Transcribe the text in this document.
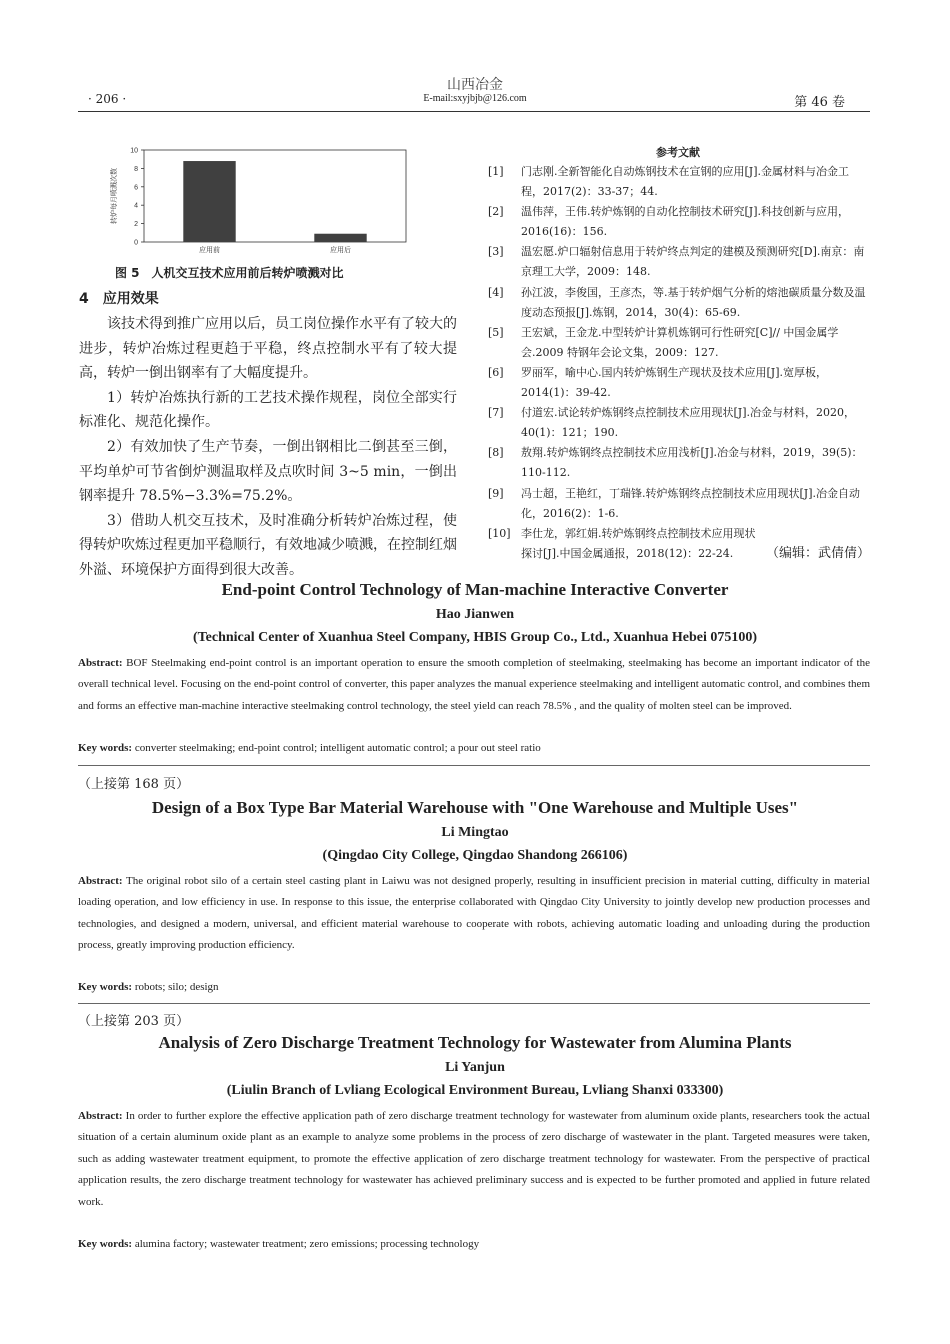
山西冶金
E-mail:sxyjbjb@126.com
· 206 ·	第 46 卷
0
2
4
6
8
10
应用前	应用后
转炉每月喷溅次数
图 5　人机交互技术应用前后转炉喷溅对比
4　应用效果

该技术得到推广应用以后，员工岗位操作水平有了较大的进步，转炉冶炼过程更趋于平稳，终点控制水平有了较大提高，转炉一倒出钢率有了大幅度提升。

1）转炉冶炼执行新的工艺技术操作规程，岗位全部实行标准化、规范化操作。

2）有效加快了生产节奏，一倒出钢相比二倒甚至三倒，平均单炉可节省倒炉测温取样及点吹时间 3~5 min，一倒出钢率提升 78.5%−3.3%=75.2%。

3）借助人机交互技术，及时准确分析转炉冶炼过程，使得转炉吹炼过程更加平稳顺行，有效地减少喷溅，在控制红烟外溢、环境保护方面得到很大改善。

参考文献
[1] 门志刚.全新智能化自动炼钢技术在宣钢的应用[J].金属材料与冶金工程，2017(2)：33-37；44.
[2] 温伟萍，王伟.转炉炼钢的自动化控制技术研究[J].科技创新与应用，2016(16)：156.
[3] 温宏愿.炉口辐射信息用于转炉终点判定的建模及预测研究[D].南京：南京理工大学，2009：148.
[4] 孙江波，李俊国，王彦杰，等.基于转炉烟气分析的熔池碳质量分数及温度动态预报[J].炼钢，2014，30(4)：65-69.
[5] 王宏斌，王金龙.中型转炉计算机炼钢可行性研究[C]// 中国金属学会.2009 特钢年会论文集，2009：127.
[6] 罗丽军，喻中心.国内转炉炼钢生产现状及技术应用[J].宽厚板，2014(1)：39-42.
[7] 付道宏.试论转炉炼钢终点控制技术应用现状[J].冶金与材料，2020，40(1)：121；190.
[8] 敖翔.转炉炼钢终点控制技术应用浅析[J].冶金与材料，2019，39(5)：110-112.
[9] 冯士超，王艳红，丁瑞锋.转炉炼钢终点控制技术应用现状[J].冶金自动化，2016(2)：1-6.
[10] 李仕龙，郭红娟.转炉炼钢终点控制技术应用现状探讨[J].中国金属通报，2018(12)：22-24.	（编辑：武倩倩）
End-point Control Technology of Man-machine Interactive Converter
Hao Jianwen
(Technical Center of Xuanhua Steel Company, HBIS Group Co., Ltd., Xuanhua Hebei 075100)
Abstract: BOF Steelmaking end-point control is an important operation to ensure the smooth completion of steelmaking, steelmaking has become an important indicator of the overall technical level. Focusing on the end-point control of converter, this paper analyzes the manual experience steelmaking and intelligent automatic control, and combines them and forms an effective man-machine interactive steelmaking control technology, the steel yield can reach 78.5% , and the quality of molten steel can be improved.
Key words: converter steelmaking; end-point control; intelligent automatic control; a pour out steel ratio
（上接第 168 页）
Design of a Box Type Bar Material Warehouse with "One Warehouse and Multiple Uses"
Li Mingtao
(Qingdao City College, Qingdao Shandong 266106)
Abstract: The original robot silo of a certain steel casting plant in Laiwu was not designed properly, resulting in insufficient precision in material cutting, difficulty in material loading operation, and low efficiency in use. In response to this issue, the enterprise collaborated with Qingdao City University to jointly develop new production processes and technologies, and designed a modern, universal, and efficient material warehouse to cooperate with robots, achieving automatic loading and unloading during the production process, greatly improving production efficiency.
Key words: robots; silo; design
（上接第 203 页）
Analysis of Zero Discharge Treatment Technology for Wastewater from Alumina Plants
Li Yanjun
(Liulin Branch of Lvliang Ecological Environment Bureau, Lvliang Shanxi 033300)
Abstract: In order to further explore the effective application path of zero discharge treatment technology for wastewater from aluminum oxide plants, researchers took the actual situation of a certain aluminum oxide plant as an example to analyze some problems in the process of zero discharge of wastewater in the plant. Targeted measures were taken, such as adding wastewater treatment equipment, to promote the effective application of zero discharge treatment technology for wastewater. From the perspective of practical application results, the zero discharge treatment technology for wastewater has achieved preliminary success and is expected to be further promoted and applied in future related work.
Key words: alumina factory; wastewater treatment; zero emissions; processing technology
